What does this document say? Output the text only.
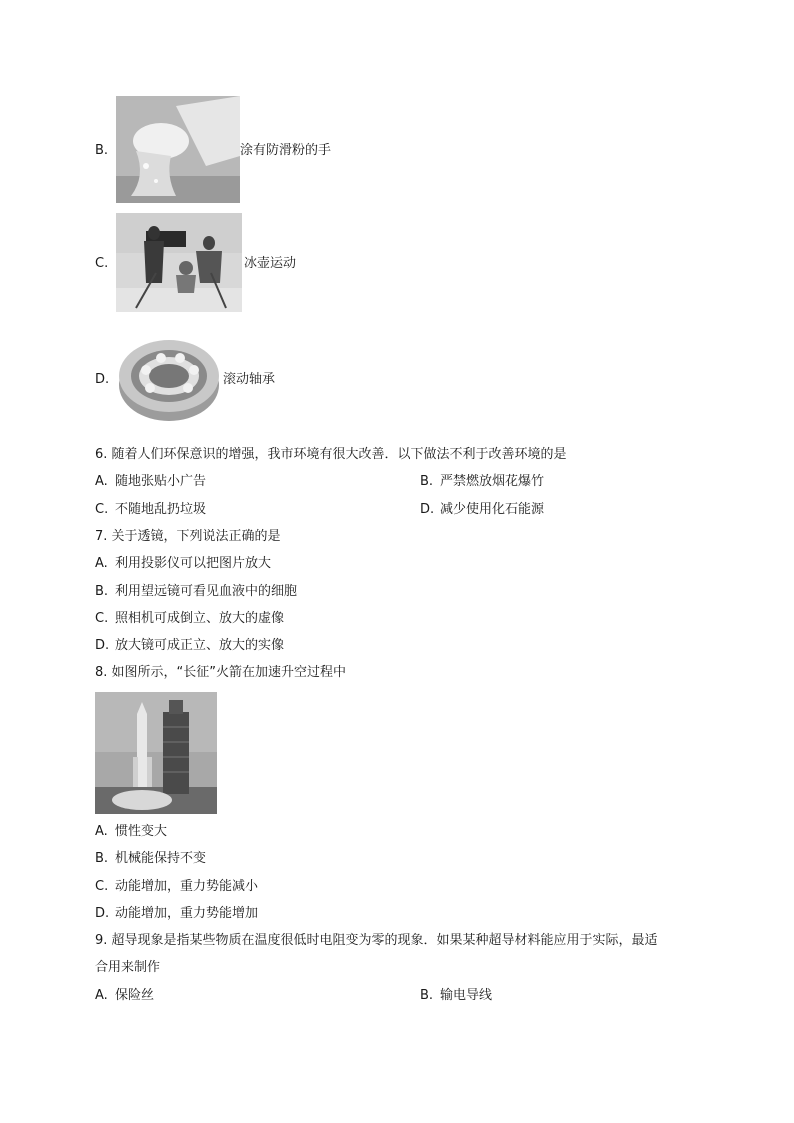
B.	涂有防滑粉的手
C.	冰壶运动
D.	滚动轴承
6. 随着人们环保意识的增强，我市环境有很大改善．以下做法不利于改善环境的是
A. 随地张贴小广告	B. 严禁燃放烟花爆竹
C. 不随地乱扔垃圾	D. 减少使用化石能源
7. 关于透镜，下列说法正确的是
A. 利用投影仪可以把图片放大
B. 利用望远镜可看见血液中的细胞
C. 照相机可成倒立、放大的虚像
D. 放大镜可成正立、放大的实像
8. 如图所示，“长征”火箭在加速升空过程中
A. 惯性变大
B. 机械能保持不变
C. 动能增加，重力势能减小
D. 动能增加，重力势能增加
9. 超导现象是指某些物质在温度很低时电阻变为零的现象．如果某种超导材料能应用于实际，最适
合用来制作
A. 保险丝	B. 输电导线
